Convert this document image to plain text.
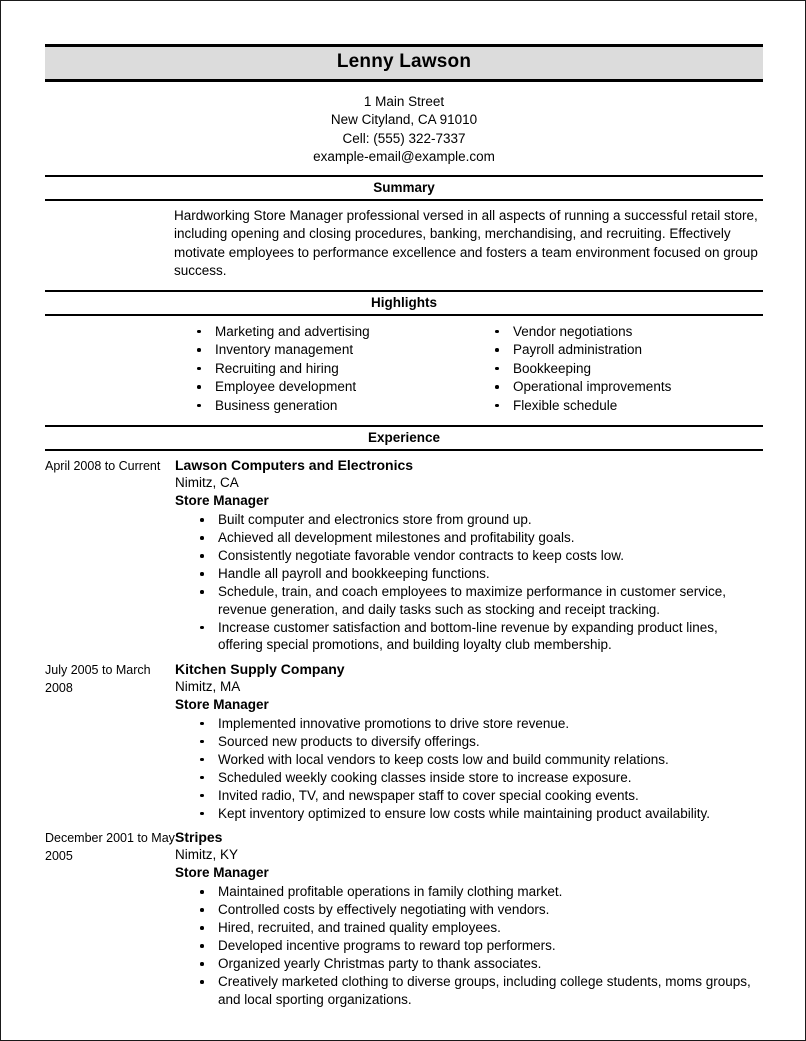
Lenny Lawson
1 Main Street
New Cityland, CA 91010
Cell: (555) 322-7337
example-email@example.com
Summary
Hardworking Store Manager professional versed in all aspects of running a successful retail store, including opening and closing procedures, banking, merchandising, and recruiting. Effectively motivate employees to performance excellence and fosters a team environment focused on group success.
Highlights
Marketing and advertising
Inventory management
Recruiting and hiring
Employee development
Business generation
Vendor negotiations
Payroll administration
Bookkeeping
Operational improvements
Flexible schedule
Experience
April 2008 to Current	Lawson Computers and Electronics
Nimitz, CA
Store Manager
Built computer and electronics store from ground up.
Achieved all development milestones and profitability goals.
Consistently negotiate favorable vendor contracts to keep costs low.
Handle all payroll and bookkeeping functions.
Schedule, train, and coach employees to maximize performance in customer service, revenue generation, and daily tasks such as stocking and receipt tracking.
Increase customer satisfaction and bottom-line revenue by expanding product lines, offering special promotions, and building loyalty club membership.
July 2005 to March 2008
Kitchen Supply Company
Nimitz, MA
Store Manager
Implemented innovative promotions to drive store revenue.
Sourced new products to diversify offerings.
Worked with local vendors to keep costs low and build community relations.
Scheduled weekly cooking classes inside store to increase exposure.
Invited radio, TV, and newspaper staff to cover special cooking events.
Kept inventory optimized to ensure low costs while maintaining product availability.
December 2001 to May 2005
Stripes
Nimitz, KY
Store Manager
Maintained profitable operations in family clothing market.
Controlled costs by effectively negotiating with vendors.
Hired, recruited, and trained quality employees.
Developed incentive programs to reward top performers.
Organized yearly Christmas party to thank associates.
Creatively marketed clothing to diverse groups, including college students, moms groups, and local sporting organizations.
